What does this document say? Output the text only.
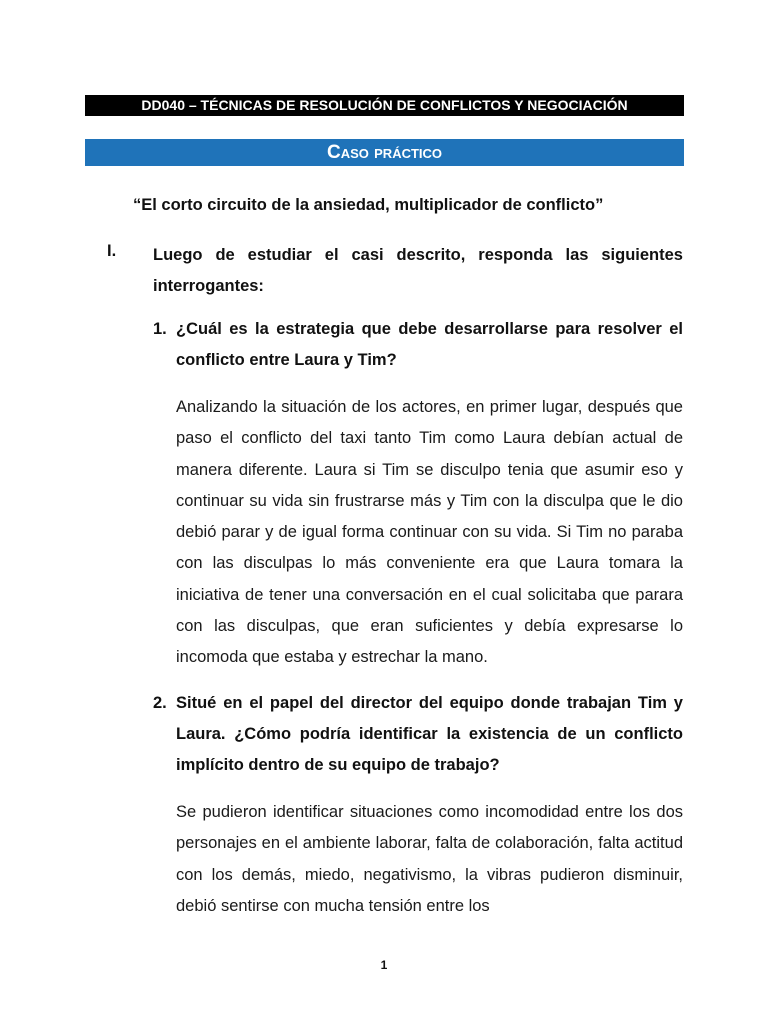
DD040 – TÉCNICAS DE RESOLUCIÓN DE CONFLICTOS Y NEGOCIACIÓN
Caso práctico
“El corto circuito de la ansiedad, multiplicador de conflicto”
I. Luego de estudiar el casi descrito, responda las siguientes interrogantes:
1. ¿Cuál es la estrategia que debe desarrollarse para resolver el conflicto entre Laura y Tim?
Analizando la situación de los actores, en primer lugar, después que paso el conflicto del taxi tanto Tim como Laura debían actual de manera diferente. Laura si Tim se disculpo tenia que asumir eso y continuar su vida sin frustrarse más y Tim con la disculpa que le dio debió parar y de igual forma continuar con su vida. Si Tim no paraba con las disculpas lo más conveniente era que Laura tomara la iniciativa de tener una conversación en el cual solicitaba que parara con las disculpas, que eran suficientes y debía expresarse lo incomoda que estaba y estrechar la mano.
2. Situé en el papel del director del equipo donde trabajan Tim y Laura. ¿Cómo podría identificar la existencia de un conflicto implícito dentro de su equipo de trabajo?
Se pudieron identificar situaciones como incomodidad entre los dos personajes en el ambiente laborar, falta de colaboración, falta actitud con los demás, miedo, negativismo, la vibras pudieron disminuir, debió sentirse con mucha tensión entre los
1
